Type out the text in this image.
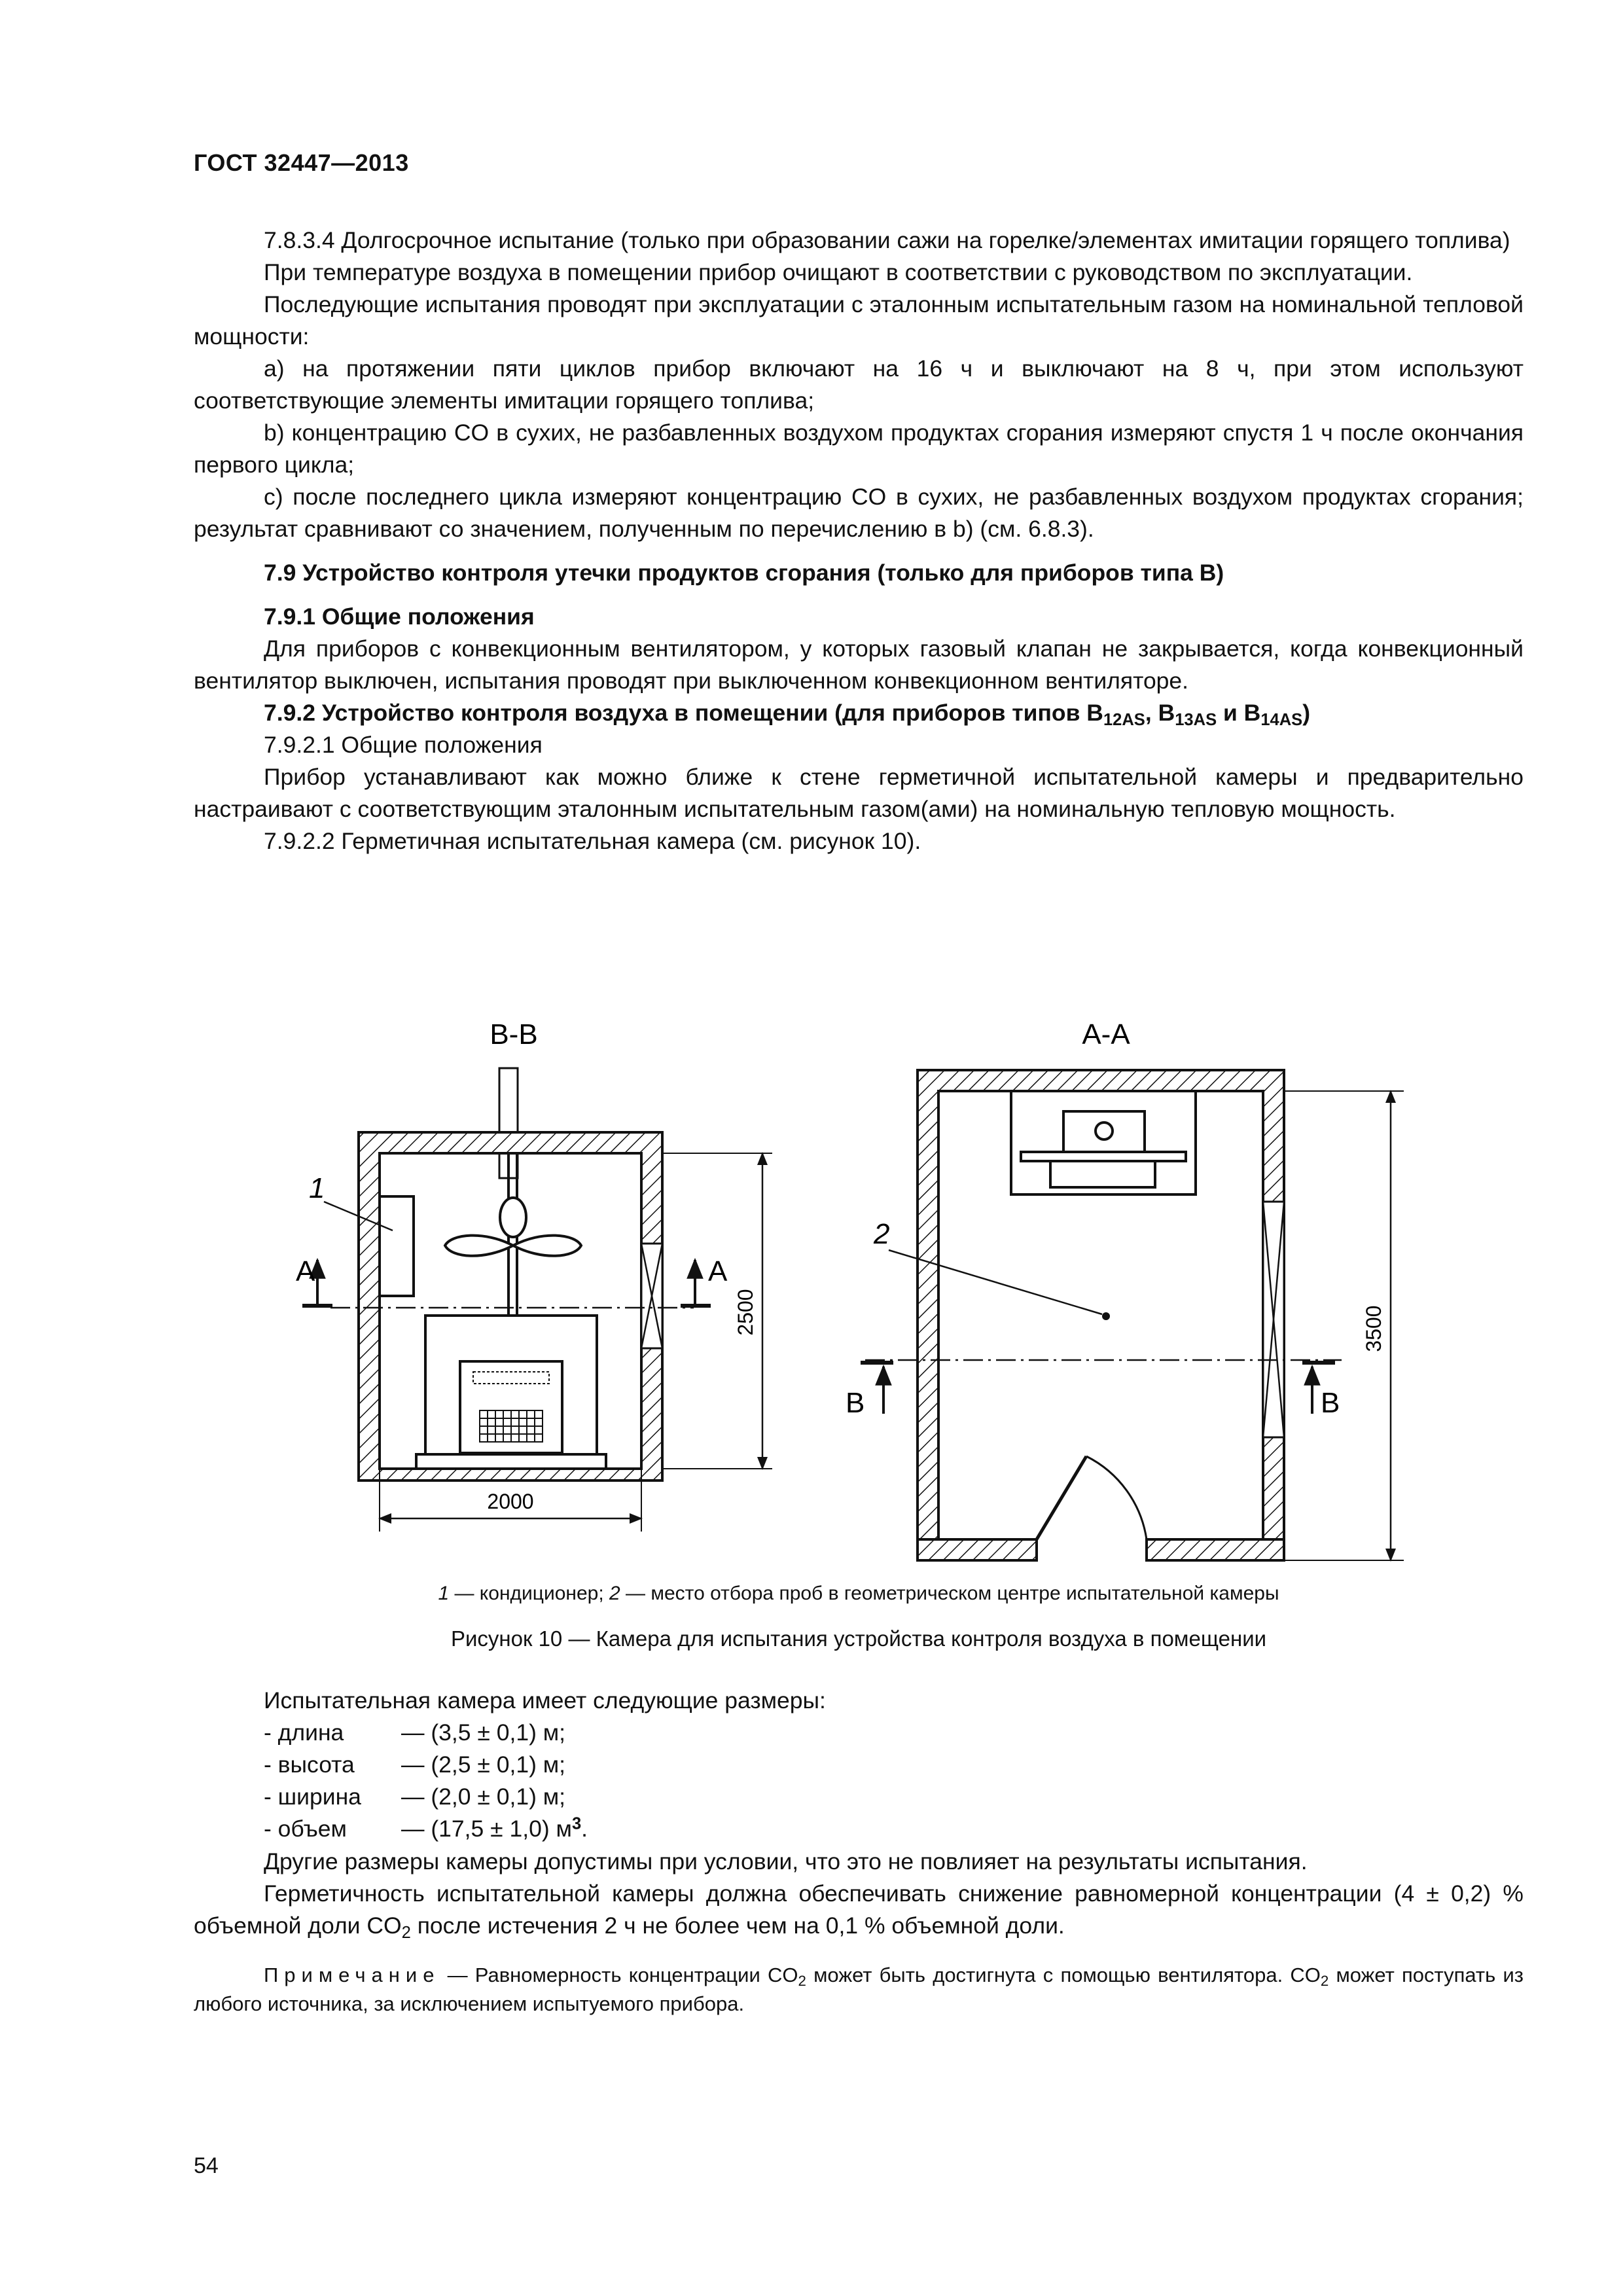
ГОСТ 32447—2013

7.8.3.4 Долгосрочное испытание (только при образовании сажи на горелке/элементах имитации горящего топлива)

При температуре воздуха в помещении прибор очищают в соответствии с руководством по эксплуатации.

Последующие испытания проводят при эксплуатации с эталонным испытательным газом на номинальной тепловой мощности:

a) на протяжении пяти циклов прибор включают на 16 ч и выключают на 8 ч, при этом используют соответствующие элементы имитации горящего топлива;

b) концентрацию CO в сухих, не разбавленных воздухом продуктах сгорания измеряют спустя 1 ч после окончания первого цикла;

c) после последнего цикла измеряют концентрацию CO в сухих, не разбавленных воздухом продуктах сгорания; результат сравнивают со значением, полученным по перечислению в b) (см. 6.8.3).

7.9 Устройство контроля утечки продуктов сгорания (только для приборов типа B)

7.9.1 Общие положения

Для приборов с конвекционным вентилятором, у которых газовый клапан не закрывается, когда конвекционный вентилятор выключен, испытания проводят при выключенном конвекционном вентиляторе.

7.9.2 Устройство контроля воздуха в помещении (для приборов типов $B_{12AS}$, $B_{13AS}$ и $B_{14AS}$)

7.9.2.1 Общие положения

Прибор устанавливают как можно ближе к стене герметичной испытательной камеры и предварительно настраивают с соответствующим эталонным испытательным газом(ами) на номинальную тепловую мощность.

7.9.2.2 Герметичная испытательная камера (см. рисунок 10).

B-B
A	A
1
2500
2000
A-A
2
B	B
3500
1 — кондиционер; 2 — место отбора проб в геометрическом центре испытательной камеры
Рисунок 10 — Камера для испытания устройства контроля воздуха в помещении
Испытательная камера имеет следующие размеры:
- длина — (3,5 ± 0,1) м;
- высота — (2,5 ± 0,1) м;
- ширина — (2,0 ± 0,1) м;
- объем — (17,5 ± 1,0) $м^3$.

Другие размеры камеры допустимы при условии, что это не повлияет на результаты испытания.

Герметичность испытательной камеры должна обеспечивать снижение равномерной концентрации (4 ± 0,2) % объемной доли $CO_2$ после истечения 2 ч не более чем на 0,1 % объемной доли.

Примечание — Равномерность концентрации $CO_2$ может быть достигнута с помощью вентилятора. $CO_2$ может поступать из любого источника, за исключением испытуемого прибора.

54
